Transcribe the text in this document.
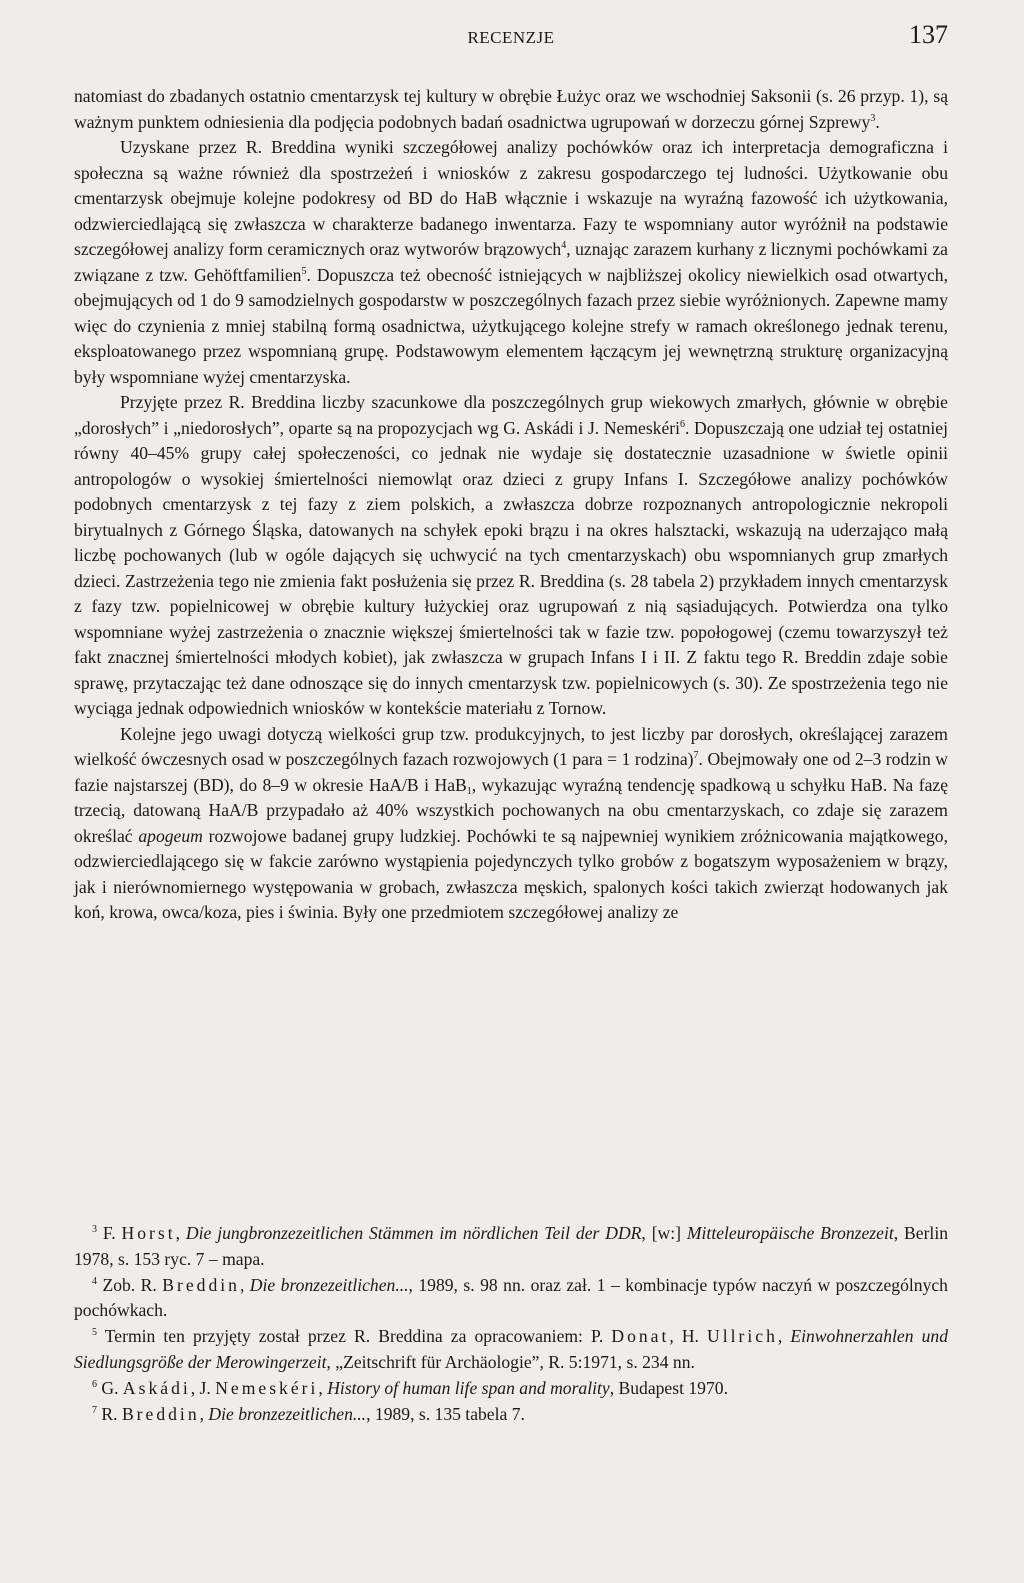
RECENZJE	137

natomiast do zbadanych ostatnio cmentarzysk tej kultury w obrębie Łużyc oraz we wschodniej Saksonii (s. 26 przyp. 1), są ważnym punktem odniesienia dla podjęcia podobnych badań osadnictwa ugrupowań w dorzeczu górnej Szprewy$^3$.

Uzyskane przez R. Breddina wyniki szczegółowej analizy pochówków oraz ich interpretacja demograficzna i społeczna są ważne również dla spostrzeżeń i wniosków z zakresu gospodarczego tej ludności. Użytkowanie obu cmentarzysk obejmuje kolejne podokresy od BD do HaB włącznie i wskazuje na wyraźną fazowość ich użytkowania, odzwierciedlającą się zwłaszcza w charakterze badanego inwentarza. Fazy te wspomniany autor wyróżnił na podstawie szczegółowej analizy form ceramicznych oraz wytworów brązowych$^4$, uznając zarazem kurhany z licznymi pochówkami za związane z tzw. Gehöftfamilien$^5$. Dopuszcza też obecność istniejących w najbliższej okolicy niewielkich osad otwartych, obejmujących od 1 do 9 samodzielnych gospodarstw w poszczególnych fazach przez siebie wyróżnionych. Zapewne mamy więc do czynienia z mniej stabilną formą osadnictwa, użytkującego kolejne strefy w ramach określonego jednak terenu, eksploatowanego przez wspomnianą grupę. Podstawowym elementem łączącym jej wewnętrzną strukturę organizacyjną były wspomniane wyżej cmentarzyska.

Przyjęte przez R. Breddina liczby szacunkowe dla poszczególnych grup wiekowych zmarłych, głównie w obrębie „dorosłych” i „niedorosłych”, oparte są na propozycjach wg G. Askádi i J. Nemeskéri$^6$. Dopuszczają one udział tej ostatniej równy 40–45% grupy całej społeczeności, co jednak nie wydaje się dostatecznie uzasadnione w świetle opinii antropologów o wysokiej śmiertelności niemowląt oraz dzieci z grupy Infans I. Szczegółowe analizy pochówków podobnych cmentarzysk z tej fazy z ziem polskich, a zwłaszcza dobrze rozpoznanych antropologicznie nekropoli birytualnych z Górnego Śląska, datowanych na schyłek epoki brązu i na okres halsztacki, wskazują na uderzająco małą liczbę pochowanych (lub w ogóle dających się uchwycić na tych cmentarzyskach) obu wspomnianych grup zmarłych dzieci. Zastrzeżenia tego nie zmienia fakt posłużenia się przez R. Breddina (s. 28 tabela 2) przykładem innych cmentarzysk z fazy tzw. popielnicowej w obrębie kultury łużyckiej oraz ugrupowań z nią sąsiadujących. Potwierdza ona tylko wspomniane wyżej zastrzeżenia o znacznie większej śmiertelności tak w fazie tzw. popołogowej (czemu towarzyszył też fakt znacznej śmiertelności młodych kobiet), jak zwłaszcza w grupach Infans I i II. Z faktu tego R. Breddin zdaje sobie sprawę, przytaczając też dane odnoszące się do innych cmentarzysk tzw. popielnicowych (s. 30). Ze spostrzeżenia tego nie wyciąga jednak odpowiednich wniosków w kontekście materiału z Tornow.

Kolejne jego uwagi dotyczą wielkości grup tzw. produkcyjnych, to jest liczby par dorosłych, określającej zarazem wielkość ówczesnych osad w poszczególnych fazach rozwojowych (1 para = 1 rodzina)$^7$. Obejmowały one od 2–3 rodzin w fazie najstarszej (BD), do 8–9 w okresie HaA/B i HaB$_1$, wykazując wyraźną tendencję spadkową u schyłku HaB. Na fazę trzecią, datowaną HaA/B przypadało aż 40% wszystkich pochowanych na obu cmentarzyskach, co zdaje się zarazem określać apogeum rozwojowe badanej grupy ludzkiej. Pochówki te są najpewniej wynikiem zróżnicowania majątkowego, odzwierciedlającego się w fakcie zarówno wystąpienia pojedynczych tylko grobów z bogatszym wyposażeniem w brązy, jak i nierównomiernego występowania w grobach, zwłaszcza męskich, spalonych kości takich zwierząt hodowanych jak koń, krowa, owca/koza, pies i świnia. Były one przedmiotem szczegółowej analizy ze

$^3$ F. Horst, Die jungbronzezeitlichen Stämmen im nördlichen Teil der DDR, [w:] Mitteleuropäische Bronzezeit, Berlin 1978, s. 153 ryc. 7 – mapa.

$^4$ Zob. R. Breddin, Die bronzezeitlichen..., 1989, s. 98 nn. oraz zał. 1 – kombinacje typów naczyń w poszczególnych pochówkach.

$^5$ Termin ten przyjęty został przez R. Breddina za opracowaniem: P. Donat, H. Ullrich, Einwohnerzahlen und Siedlungsgröße der Merowingerzeit, „Zeitschrift für Archäologie”, R. 5:1971, s. 234 nn.

$^6$ G. Askádi, J. Nemeskéri, History of human life span and morality, Budapest 1970.

$^7$ R. Breddin, Die bronzezeitlichen..., 1989, s. 135 tabela 7.
